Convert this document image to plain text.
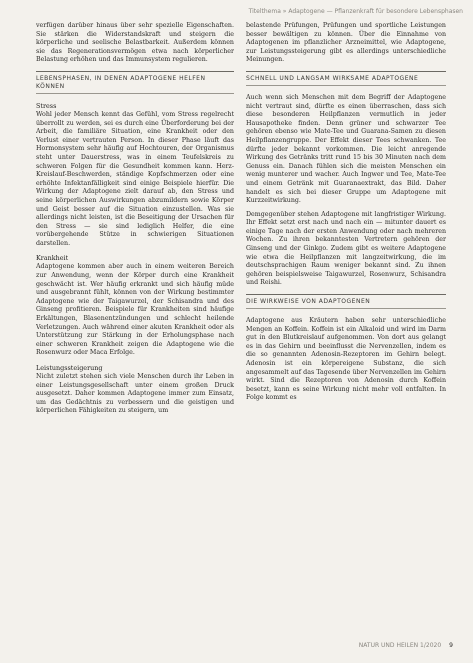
Titelthema » Adaptogene — Pflanzenkraft für besondere Lebensphasen

verfügen darüber hinaus über sehr spezielle Eigenschaften. Sie stärken die Widerstandskraft und steigern die körperliche und seelische Belastbarkeit. Außerdem können sie das Regenerationsvermögen etwa nach körperlicher Belastung erhöhen und das Immunsystem regulieren.

LEBENSPHASEN, IN DENEN ADAPTOGENE HELFEN KÖNNEN
Stress

Wohl jeder Mensch kennt das Gefühl, vom Stress regelrecht überrollt zu werden, sei es durch eine Überforderung bei der Arbeit, die familiäre Situation, eine Krankheit oder den Verlust einer vertrauten Person. In dieser Phase läuft das Hormonsystem sehr häufig auf Hochtouren, der Organismus steht unter Dauerstress, was in einem Teufelskreis zu schweren Folgen für die Gesundheit kommen kann. Herz-Kreislauf-Beschwerden, ständige Kopfschmerzen oder eine erhöhte Infektanfälligkeit sind einige Beispiele hierfür. Die Wirkung der Adaptogene zielt darauf ab, den Stress und seine körperlichen Auswirkungen abzumildern sowie Körper und Geist besser auf die Situation einzustellen. Was sie allerdings nicht leisten, ist die Beseitigung der Ursachen für den Stress — sie sind lediglich Helfer, die eine vorübergehende Stütze in schwierigen Situationen darstellen.

Krankheit

Adaptogene kommen aber auch in einem weiteren Bereich zur Anwendung, wenn der Körper durch eine Krankheit geschwächt ist. Wer häufig erkrankt und sich häufig müde und ausgebrannt fühlt, können von der Wirkung bestimmter Adaptogene wie der Taigawurzel, der Schisandra und des Ginseng profitieren. Beispiele für Krankheiten sind häufige Erkältungen, Blasenentzündungen und schlecht heilende Verletzungen. Auch während einer akuten Krankheit oder als Unterstützung zur Stärkung in der Erholungsphase nach einer schweren Krankheit zeigen die Adaptogene wie die Rosenwurz oder Maca Erfolge.

Leistungssteigerung

Nicht zuletzt stehen sich viele Menschen durch ihr Leben in einer Leistungsgesellschaft unter einem großen Druck ausgesetzt. Daher kommen Adaptogene immer zum Einsatz, um das Gedächtnis zu verbessern und die geistigen und körperlichen Fähigkeiten zu steigern, um

belastende Prüfungen, Prüfungen und sportliche Leistungen besser bewältigen zu können. Über die Einnahme von Adaptogenen im pflanzlicher Arzneimittel, wie Adaptogene, zur Leistungssteigerung gibt es allerdings unterschiedliche Meinungen.

SCHNELL UND LANGSAM WIRKSAME ADAPTOGENE

Auch wenn sich Menschen mit dem Begriff der Adaptogene nicht vertraut sind, dürfte es einen überraschen, dass sich diese besonderen Heilpflanzen vermutlich in jeder Hausapotheke finden. Denn grüner und schwarzer Tee gehören ebenso wie Mate-Tee und Guarana-Samen zu diesen Heilpflanzengruppe. Der Effekt dieser Tees schwanken. Tee dürfte jeder bekannt vorkommen. Die leicht anregende Wirkung des Getränks tritt rund 15 bis 30 Minuten nach dem Genuss ein. Danach fühlen sich die meisten Menschen ein wenig munterer und wacher. Auch Ingwer und Tee, Mate-Tee und einem Getränk mit Guaranaextrakt, das Bild. Daher handelt es sich bei dieser Gruppe um Adaptogene mit Kurzzeitwirkung.

Demgegenüber stehen Adaptogene mit langfristiger Wirkung. Ihr Effekt setzt erst nach und nach ein — mitunter dauert es einige Tage nach der ersten Anwendung oder nach mehreren Wochen. Zu ihren bekanntesten Vertretern gehören der Ginseng und der Ginkgo. Zudem gibt es weitere Adaptogene wie etwa die Heilpflanzen mit langzeitwirkung, die im deutschsprachigen Raum weniger bekannt sind. Zu ihnen gehören beispielsweise Taigawurzel, Rosenwurz, Schisandra und Reishi.

DIE WIRKWEISE VON ADAPTOGENEN

Adaptogene aus Kräutern haben sehr unterschiedliche Mengen an Koffein. Koffein ist ein Alkaloid und wird im Darm gut in den Blutkreislauf aufgenommen. Von dort aus gelangt es in das Gehirn und beeinflusst die Nervenzellen, indem es die so genannten Adenosin-Rezeptoren im Gehirn belegt. Adenosin ist ein körpereigene Substanz, die sich angesammelt auf das Tagesende über Nervenzellen im Gehirn wirkt. Sind die Rezeptoren von Adenosin durch Koffein besetzt, kann es seine Wirkung nicht mehr voll entfalten. In Folge kommt es

NATUR UND HEILEN 1/2020 9
